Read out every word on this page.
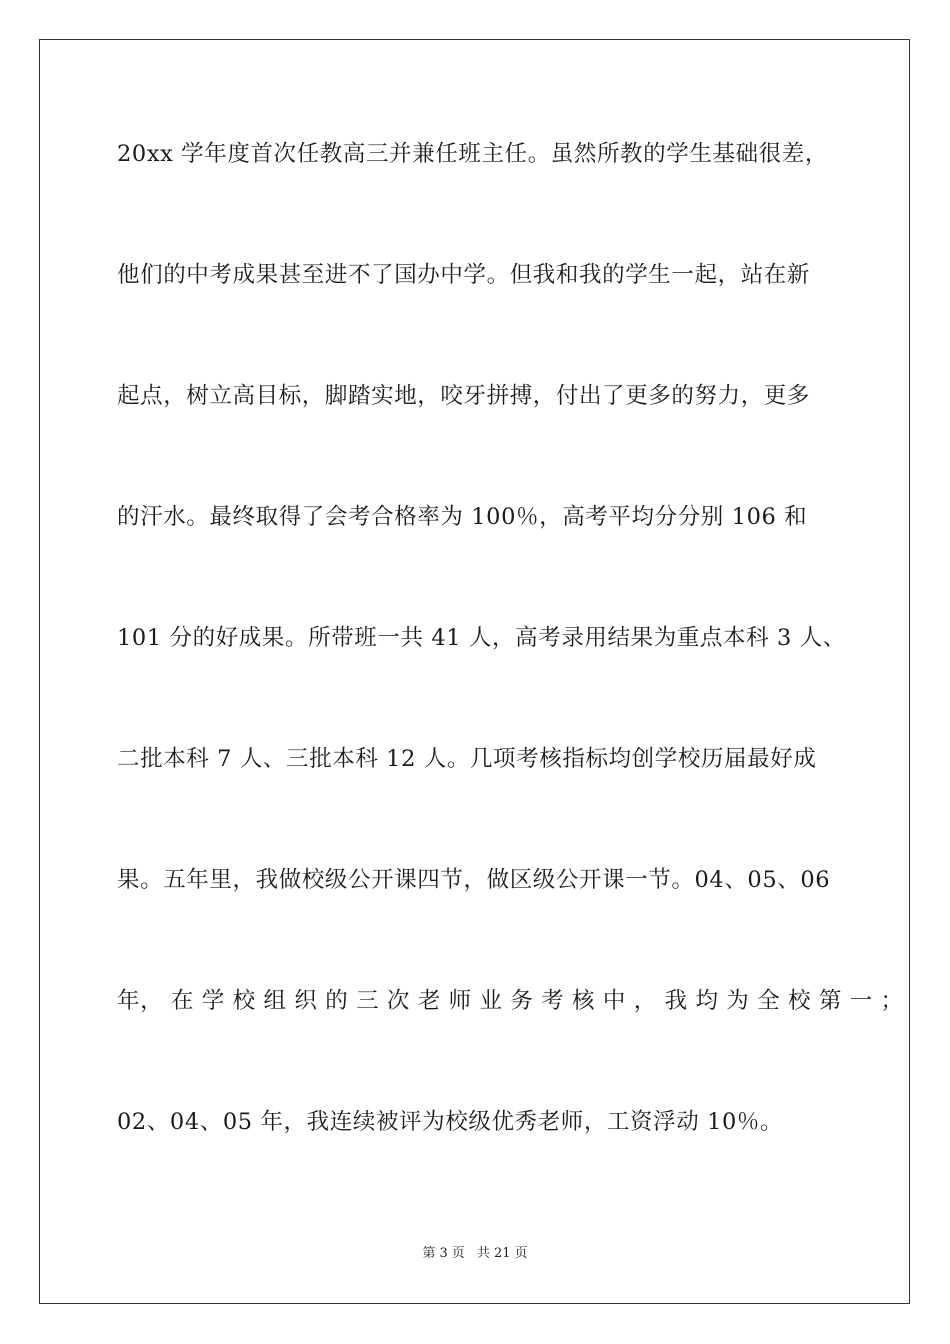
20xx 学年度首次任教高三并兼任班主任。虽然所教的学生基础很差，
他们的中考成果甚至进不了国办中学。但我和我的学生一起，站在新
起点，树立高目标，脚踏实地，咬牙拼搏，付出了更多的努力，更多
的汗水。最终取得了会考合格率为 100％，高考平均分分别 106 和
101 分的好成果。所带班一共 41 人，高考录用结果为重点本科 3 人、
二批本科 7 人、三批本科 12 人。几项考核指标均创学校历届最好成
果。五年里，我做校级公开课四节，做区级公开课一节。04、05、06
年， 在 学 校 组 织 的 三 次 老 师 业 务 考 核 中 ， 我 均 为 全 校 第 一 ；
02、04、05 年，我连续被评为校级优秀老师，工资浮动 10％。
第 3 页 共 21 页
